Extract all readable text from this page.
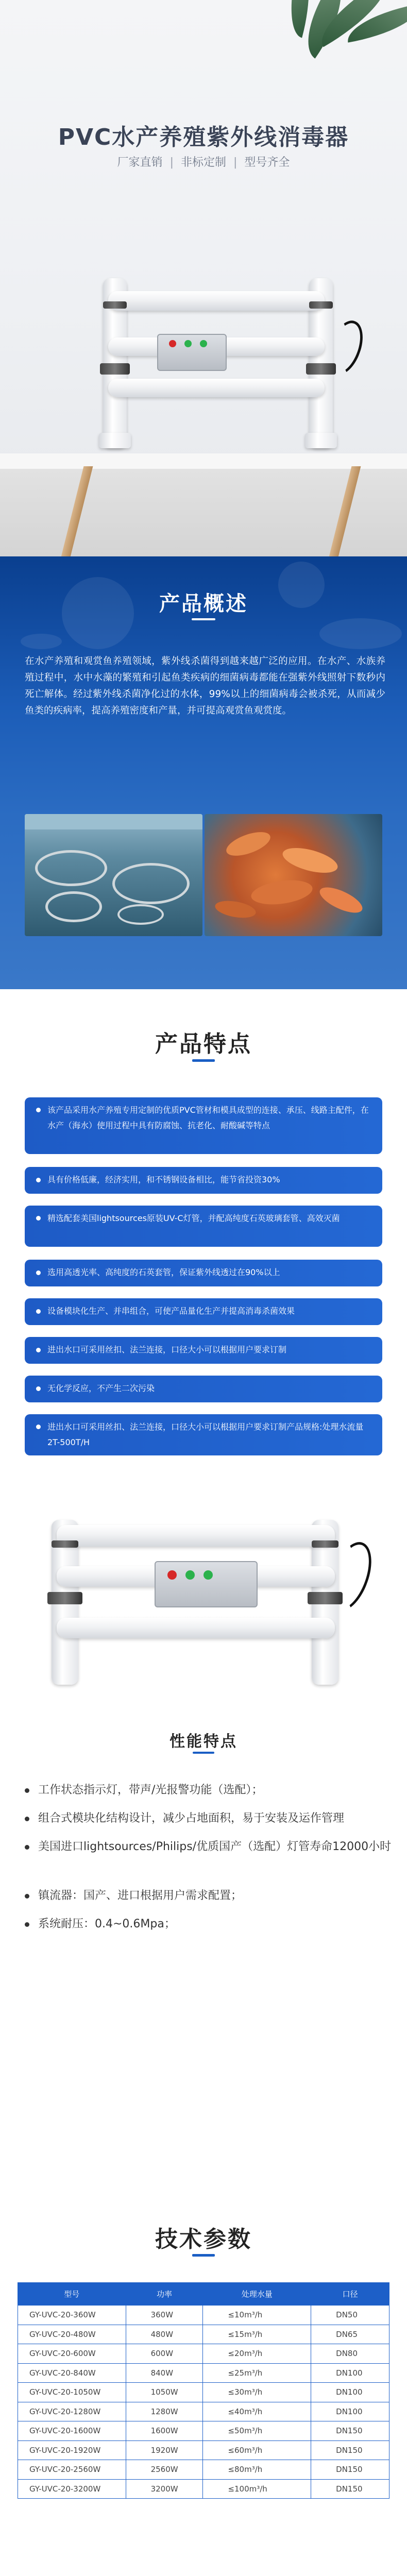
PVC水产养殖紫外线消毒器
厂家直销 | 非标定制 | 型号齐全
产品概述
在水产养殖和观赏鱼养殖领域，紫外线杀菌得到越来越广泛的应用。在水产、水族养殖过程中，水中水藻的繁殖和引起鱼类疾病的细菌病毒都能在强紫外线照射下数秒内死亡解体。经过紫外线杀菌净化过的水体，99%以上的细菌病毒会被杀死，从而减少鱼类的疾病率，提高养殖密度和产量，并可提高观赏鱼观赏度。
产品特点
该产品采用水产养殖专用定制的优质PVC管材和模具成型的连接、承压、线路主配件，在水产（海水）使用过程中具有防腐蚀、抗老化、耐酸碱等特点
具有价格低廉，经济实用，和不锈钢设备相比，能节省投资30%
精选配套美国lightsources原装UV-C灯管，并配高纯度石英玻璃套管、高效灭菌
选用高透光率、高纯度的石英套管，保证紫外线透过在90%以上
设备模块化生产、并串组合，可使产品量化生产并提高消毒杀菌效果
进出水口可采用丝扣、法兰连接，口径大小可以根据用户要求订制
无化学反应，不产生二次污染
进出水口可采用丝扣、法兰连接，口径大小可以根据用户要求订制产品规格:处理水流量2T-500T/H
性能特点
工作状态指示灯，带声/光报警功能（选配）；
组合式模块化结构设计，减少占地面积，易于安装及运作管理
美国进口lightsources/Philips/优质国产（选配）灯管寿命12000小时
镇流器：国产、进口根据用户需求配置；
系统耐压：0.4~0.6Mpa；
技术参数
型号	功率	处理水量	口径
GY-UVC-20-360W	360W	≤10m³/h	DN50
GY-UVC-20-480W	480W	≤15m³/h	DN65
GY-UVC-20-600W	600W	≤20m³/h	DN80
GY-UVC-20-840W	840W	≤25m³/h	DN100
GY-UVC-20-1050W	1050W	≤30m³/h	DN100
GY-UVC-20-1280W	1280W	≤40m³/h	DN100
GY-UVC-20-1600W	1600W	≤50m³/h	DN150
GY-UVC-20-1920W	1920W	≤60m³/h	DN150
GY-UVC-20-2560W	2560W	≤80m³/h	DN150
GY-UVC-20-3200W	3200W	≤100m³/h	DN150
